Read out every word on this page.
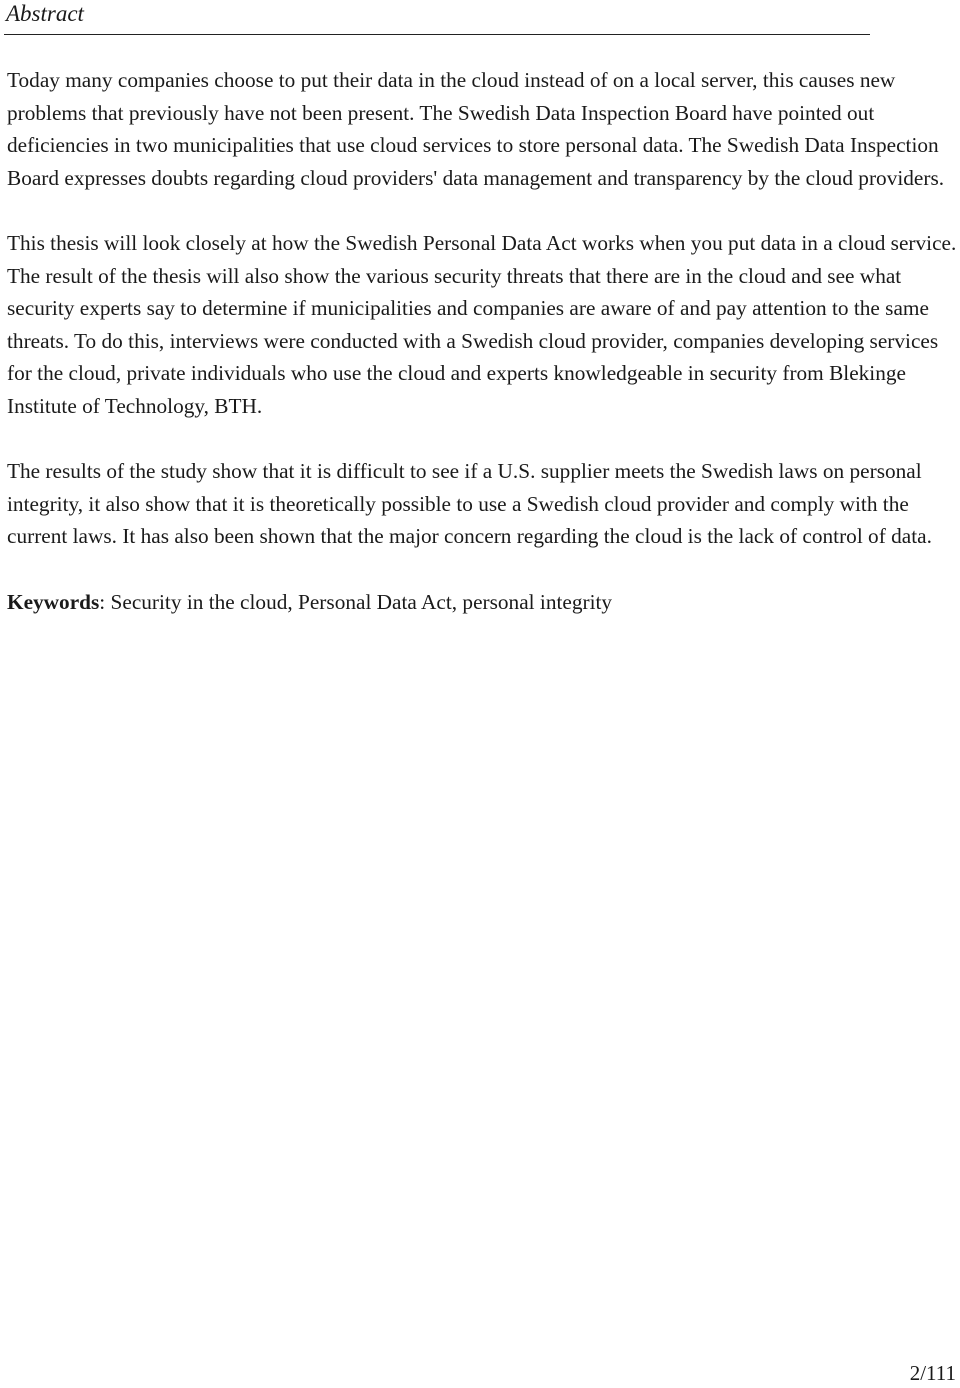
Abstract

Today many companies choose to put their data in the cloud instead of on a local server, this causes new problems that previously have not been present. The Swedish Data Inspection Board have pointed out deficiencies in two municipalities that use cloud services to store personal data. The Swedish Data Inspection Board expresses doubts regarding cloud providers' data management and transparency by the cloud providers.

This thesis will look closely at how the Swedish Personal Data Act works when you put data in a cloud service. The result of the thesis will also show the various security threats that there are in the cloud and see what security experts say to determine if municipalities and companies are aware of and pay attention to the same threats. To do this, interviews were conducted with a Swedish cloud provider, companies developing services for the cloud, private individuals who use the cloud and experts knowledgeable in security from Blekinge Institute of Technology, BTH.

The results of the study show that it is difficult to see if a U.S. supplier meets the Swedish laws on personal integrity, it also show that it is theoretically possible to use a Swedish cloud provider and comply with the current laws. It has also been shown that the major concern regarding the cloud is the lack of control of data.

Keywords: Security in the cloud, Personal Data Act, personal integrity

2/111
